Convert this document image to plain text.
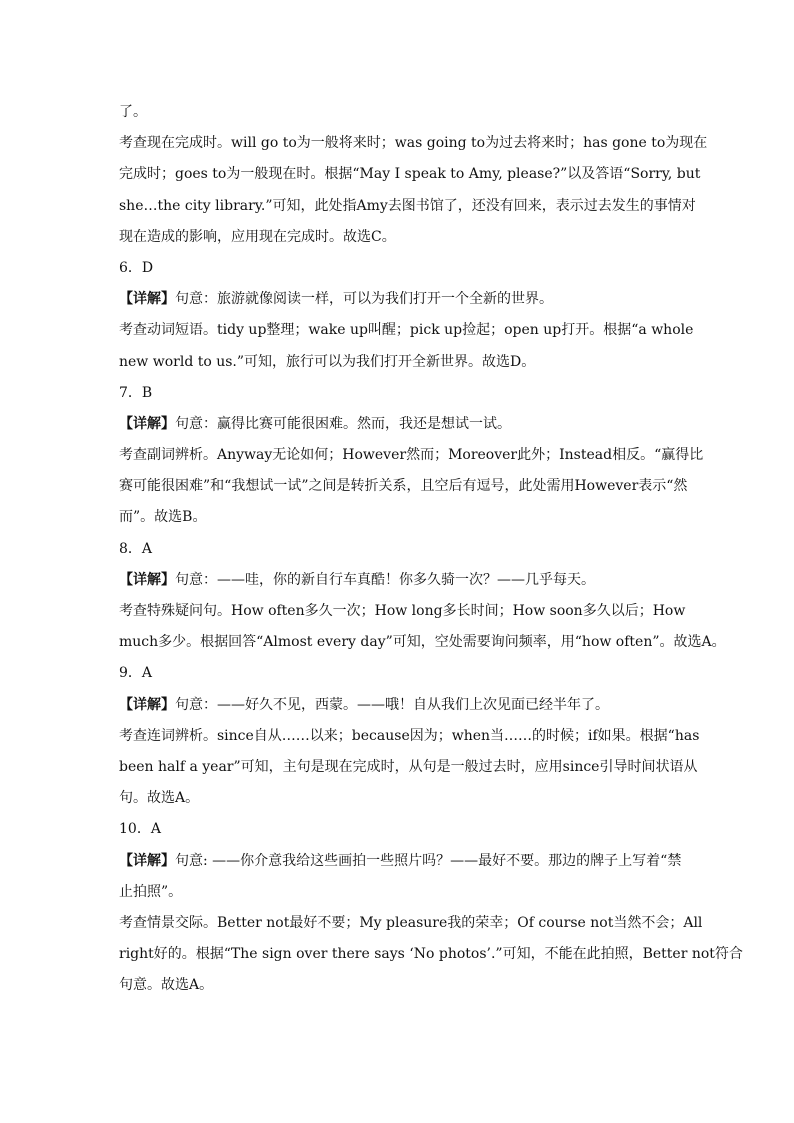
了。
考查现在完成时。will go to为一般将来时；was going to为过去将来时；has gone to为现在
完成时；goes to为一般现在时。根据“May I speak to Amy, please?”以及答语“Sorry, but
she…the city library.”可知，此处指Amy去图书馆了，还没有回来，表示过去发生的事情对
现在造成的影响，应用现在完成时。故选C。
6．D
【详解】句意：旅游就像阅读一样，可以为我们打开一个全新的世界。
考查动词短语。tidy up整理；wake up叫醒；pick up捡起；open up打开。根据“a whole
new world to us.”可知，旅行可以为我们打开全新世界。故选D。
7．B
【详解】句意：赢得比赛可能很困难。然而，我还是想试一试。
考查副词辨析。Anyway无论如何；However然而；Moreover此外；Instead相反。“赢得比
赛可能很困难”和“我想试一试”之间是转折关系，且空后有逗号，此处需用However表示“然
而”。故选B。
8．A
【详解】句意：——哇，你的新自行车真酷！你多久骑一次？——几乎每天。
考查特殊疑问句。How often多久一次；How long多长时间；How soon多久以后；How
much多少。根据回答“Almost every day”可知，空处需要询问频率，用“how often”。故选A。
9．A
【详解】句意：——好久不见，西蒙。——哦！自从我们上次见面已经半年了。
考查连词辨析。since自从……以来；because因为；when当……的时候；if如果。根据“has
been half a year”可知，主句是现在完成时，从句是一般过去时，应用since引导时间状语从
句。故选A。
10．A
【详解】句意: ——你介意我给这些画拍一些照片吗？——最好不要。那边的牌子上写着“禁
止拍照”。
考查情景交际。Better not最好不要；My pleasure我的荣幸；Of course not当然不会；All
right好的。根据“The sign over there says ‘No photos’.”可知，不能在此拍照，Better not符合
句意。故选A。
